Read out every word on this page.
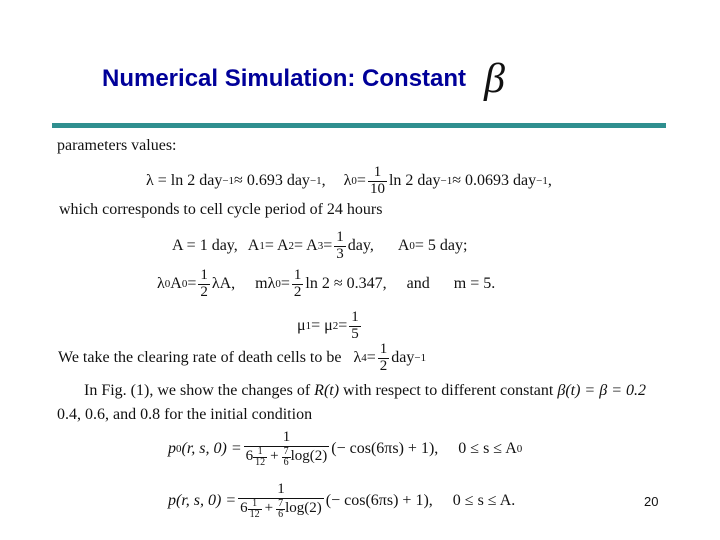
Numerical Simulation: Constant β
parameters values:
λ = ln 2 day −1 ≈ 0.693 day −1 , λ $0 = \frac{1}{10}$ ln 2 day −1 ≈ 0.0693 day −1 ,
which corresponds to cell cycle period of 24 hours
A = 1 day, A 1 = A 2 = A $3 = \frac{1}{3}$ day, A 0 = 5 day;
λ 0 A $0 = \frac{1}{2} \lambda A$, mλ $0 = \frac{1}{2}$ ln 2 ≈ 0.347, and m = 5.
μ 1 = μ $2 = \frac{1}{5}$
We take the clearing rate of death cells to be λ $4 = \frac{1}{2}$ day −1
In Fig. (1), we show the changes of R(t) with respect to different constant β(t) = β = 0.2
0.4, 0.6, and 0.8 for the initial condition
p 0 (r, s, 0) = 1
6 1
$12 + \frac{7}{6} \log(2)$ (− cos(6πs) + 1), 0 ≤ s ≤ A 0
p(r, s, 0) = 1
6 1
$12 + \frac{7}{6} \log(2)$ (− cos(6πs) + 1), 0 ≤ s ≤ A.	20
